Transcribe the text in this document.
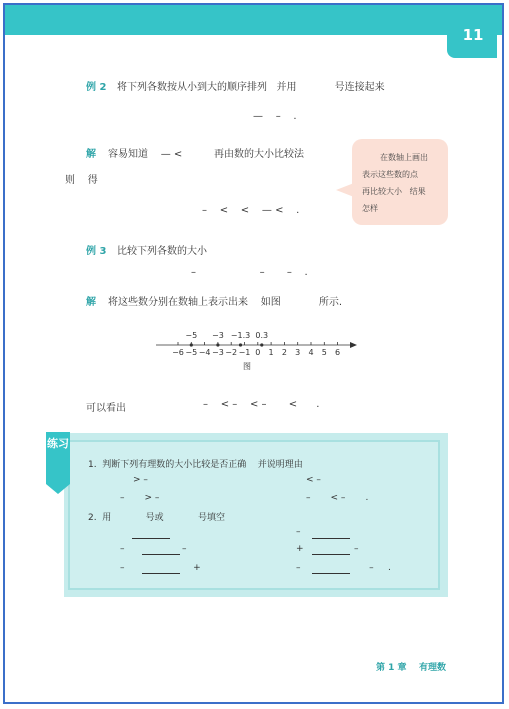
11
例 2 将下列各数按从小到大的顺序排列   并用            号连接起来
—    –    .
解 容易知道    — <          再由数的大小比较法
则    得
–    <    <    — <    .
在数轴上画出
表示这些数的点
再比较大小   结果
怎样
例 3 比较下列各数的大小
–                    –       –    .
解 将这些数分别在数轴上表示出来    如图            所示.
−6 −5 −4 −3 −2 −1 0 1 2 3 4 5 6
−5 −3 −1.3 0.3
图
可以看出	–    < –    < –       <      .
练习
1.  判断下列有理数的大小比较是否正确    并说明理由
> –	< –
–       > –	–       < –       .
2.  用            号或            号填空
–
–	–	+	–
–                        +	–                        –     .
第 1 章    有理数
